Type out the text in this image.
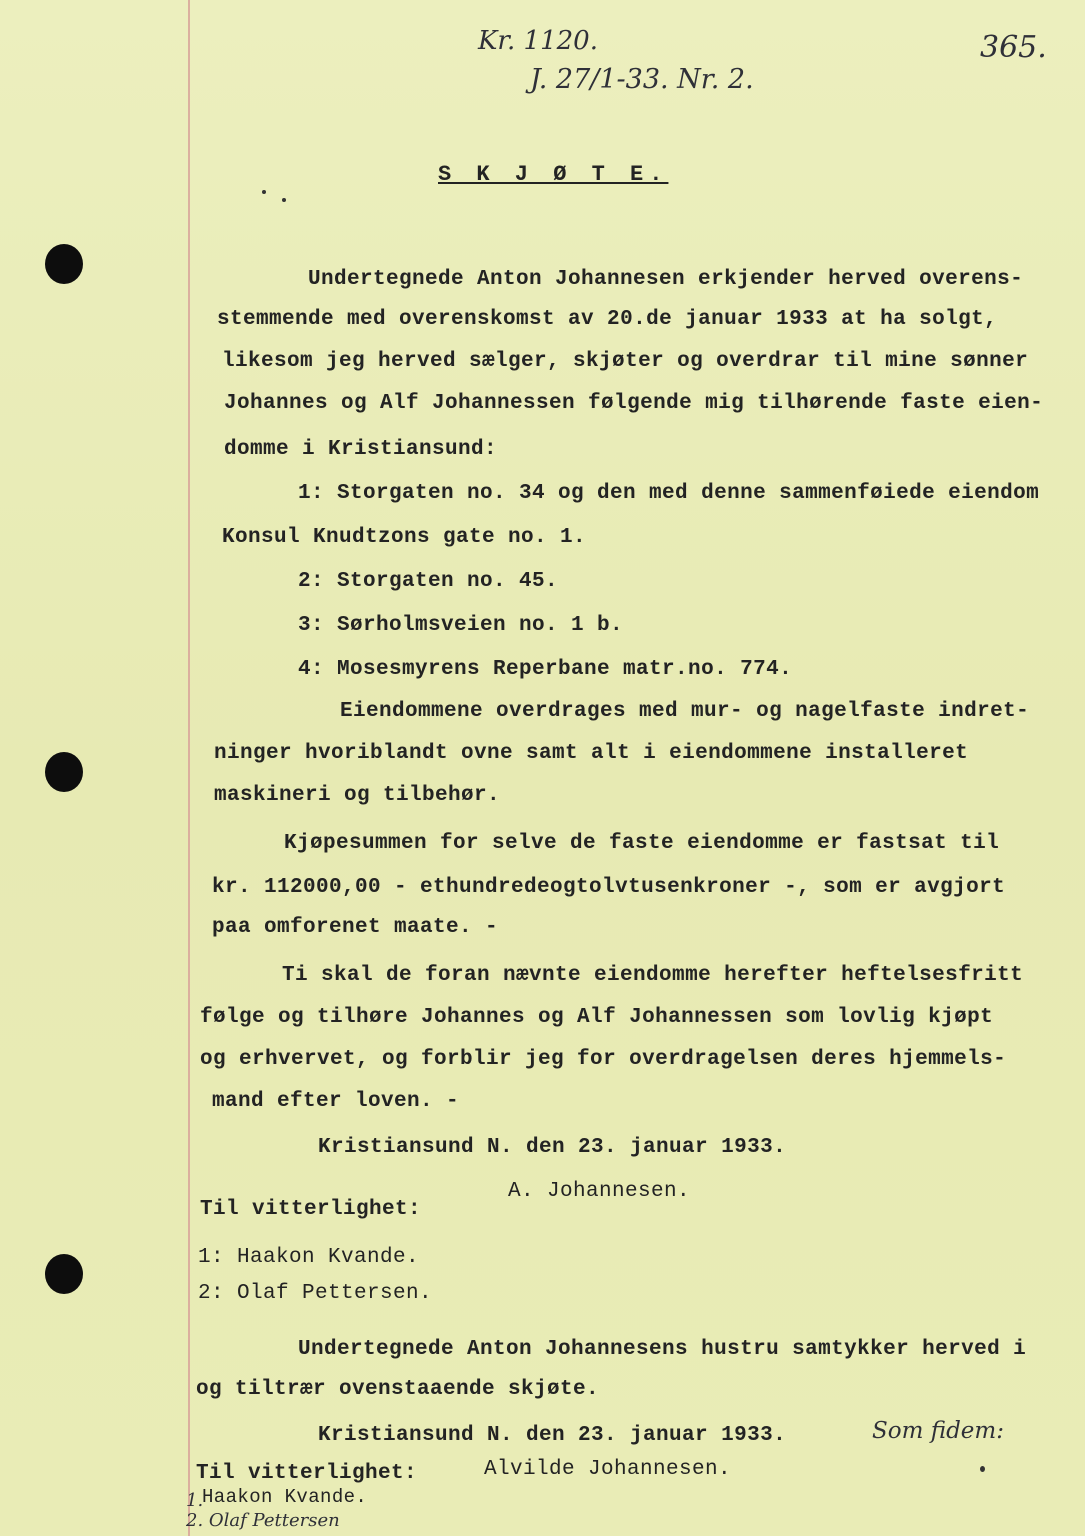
Kr. 1120.
J. 27/1-33. Nr. 2.
365.
S K J Ø T E.
Undertegnede Anton Johannesen erkjender herved overens-
stemmende med overenskomst av 20.de januar 1933 at ha solgt,
likesom jeg herved sælger, skjøter og overdrar til mine sønner
Johannes og Alf Johannessen følgende mig tilhørende faste eien-
domme i Kristiansund:
1: Storgaten no. 34 og den med denne sammenføiede eiendom
Konsul Knudtzons gate no. 1.
2: Storgaten no. 45.
3: Sørholmsveien no. 1 b.
4: Mosesmyrens Reperbane matr.no. 774.
Eiendommene overdrages med mur- og nagelfaste indret-
ninger hvoriblandt ovne samt alt i eiendommene installeret
maskineri og tilbehør.
Kjøpesummen for selve de faste eiendomme er fastsat til
kr. 112000,00 - ethundredeogtolvtusenkroner -, som er avgjort
paa omforenet maate. -
Ti skal de foran nævnte eiendomme herefter heftelsesfritt
følge og tilhøre Johannes og Alf Johannessen som lovlig kjøpt
og erhvervet, og forblir jeg for overdragelsen deres hjemmels-
mand efter loven. -
Kristiansund N. den 23. januar 1933.
A. Johannesen.
Til vitterlighet:
1: Haakon Kvande.
2: Olaf Pettersen.
Undertegnede Anton Johannesens hustru samtykker herved i
og tiltrær ovenstaaende skjøte.
Kristiansund N. den 23. januar 1933.
Alvilde Johannesen.
Til vitterlighet:
Som fidem:
1.
Haakon Kvande.
2. Olaf Pettersen
